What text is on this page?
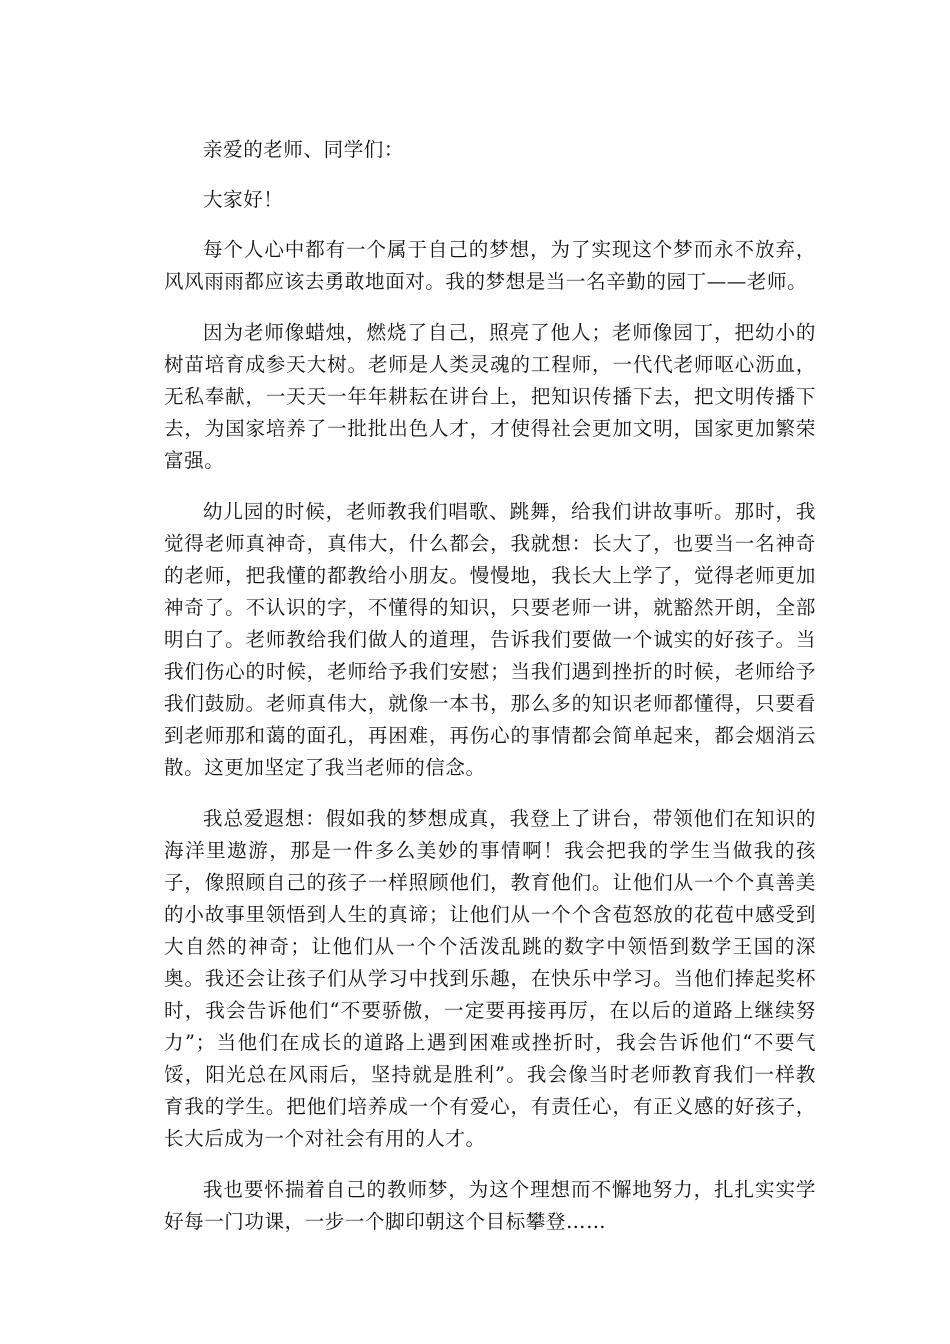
亲爱的老师、同学们：

大家好！

每个人心中都有一个属于自己的梦想，为了实现这个梦而永不放弃，风风雨雨都应该去勇敢地面对。我的梦想是当一名辛勤的园丁——老师。

因为老师像蜡烛，燃烧了自己，照亮了他人；老师像园丁，把幼小的树苗培育成参天大树。老师是人类灵魂的工程师，一代代老师呕心沥血，无私奉献，一天天一年年耕耘在讲台上，把知识传播下去，把文明传播下去，为国家培养了一批批出色人才，才使得社会更加文明，国家更加繁荣富强。

幼儿园的时候，老师教我们唱歌、跳舞，给我们讲故事听。那时，我觉得老师真神奇，真伟大，什么都会，我就想：长大了，也要当一名神奇的老师，把我懂的都教给小朋友。慢慢地，我长大上学了，觉得老师更加神奇了。不认识的字，不懂得的知识，只要老师一讲，就豁然开朗，全部明白了。老师教给我们做人的道理，告诉我们要做一个诚实的好孩子。当我们伤心的时候，老师给予我们安慰；当我们遇到挫折的时候，老师给予我们鼓励。老师真伟大，就像一本书，那么多的知识老师都懂得，只要看到老师那和蔼的面孔，再困难，再伤心的事情都会简单起来，都会烟消云散。这更加坚定了我当老师的信念。

我总爱遐想：假如我的梦想成真，我登上了讲台，带领他们在知识的海洋里遨游，那是一件多么美妙的事情啊！我会把我的学生当做我的孩子，像照顾自己的孩子一样照顾他们，教育他们。让他们从一个个真善美的小故事里领悟到人生的真谛；让他们从一个个含苞怒放的花苞中感受到大自然的神奇；让他们从一个个活泼乱跳的数字中领悟到数学王国的深奥。我还会让孩子们从学习中找到乐趣，在快乐中学习。当他们捧起奖杯时，我会告诉他们“不要骄傲，一定要再接再厉，在以后的道路上继续努力”；当他们在成长的道路上遇到困难或挫折时，我会告诉他们“不要气馁，阳光总在风雨后，坚持就是胜利”。我会像当时老师教育我们一样教育我的学生。把他们培养成一个有爱心，有责任心，有正义感的好孩子，长大后成为一个对社会有用的人才。

我也要怀揣着自己的教师梦，为这个理想而不懈地努力，扎扎实实学好每一门功课，一步一个脚印朝这个目标攀登……
